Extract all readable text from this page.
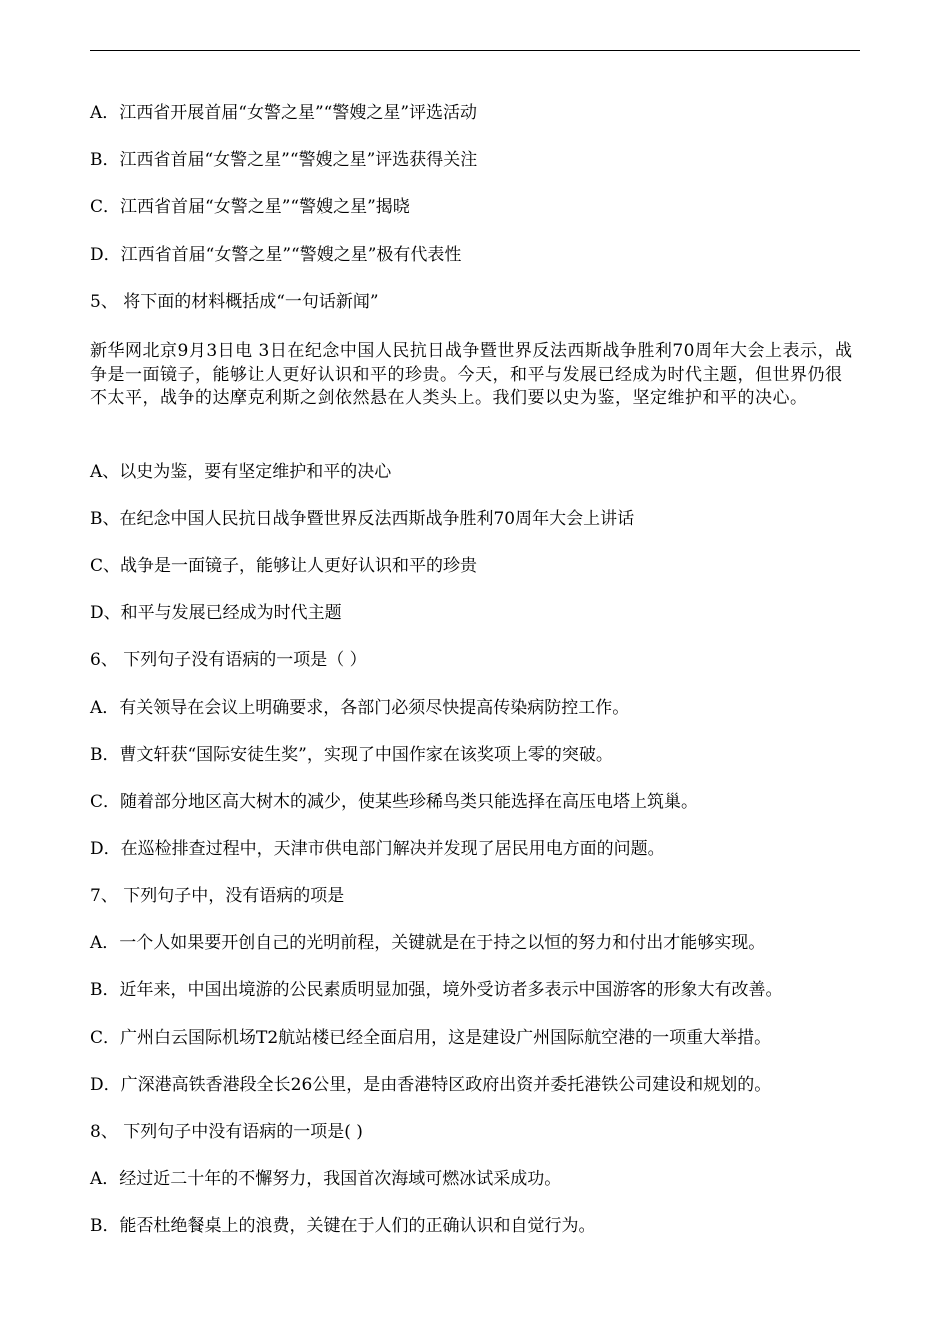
A．江西省开展首届“女警之星”“警嫂之星”评选活动
B．江西省首届“女警之星”“警嫂之星”评选获得关注
C．江西省首届“女警之星”“警嫂之星”揭晓
D．江西省首届“女警之星”“警嫂之星”极有代表性
5、 将下面的材料概括成“一句话新闻”
新华网北京9月3日电 3日在纪念中国人民抗日战争暨世界反法西斯战争胜利70周年大会上表示，战争是一面镜子，能够让人更好认识和平的珍贵。今天，和平与发展已经成为时代主题，但世界仍很不太平，战争的达摩克利斯之剑依然悬在人类头上。我们要以史为鉴，坚定维护和平的决心。
A、以史为鉴，要有坚定维护和平的决心
B、在纪念中国人民抗日战争暨世界反法西斯战争胜利70周年大会上讲话
C、战争是一面镜子，能够让人更好认识和平的珍贵
D、和平与发展已经成为时代主题
6、 下列句子没有语病的一项是（ ）
A．有关领导在会议上明确要求，各部门必须尽快提高传染病防控工作。
B．曹文轩获“国际安徒生奖”，实现了中国作家在该奖项上零的突破。
C．随着部分地区高大树木的减少，使某些珍稀鸟类只能选择在高压电塔上筑巢。
D．在巡检排查过程中，天津市供电部门解决并发现了居民用电方面的问题。
7、 下列句子中，没有语病的项是
A．一个人如果要开创自己的光明前程，关键就是在于持之以恒的努力和付出才能够实现。
B．近年来，中国出境游的公民素质明显加强，境外受访者多表示中国游客的形象大有改善。
C．广州白云国际机场T2航站楼已经全面启用，这是建设广州国际航空港的一项重大举措。
D．广深港高铁香港段全长26公里，是由香港特区政府出资并委托港铁公司建设和规划的。
8、 下列句子中没有语病的一项是( )
A．经过近二十年的不懈努力，我国首次海域可燃冰试采成功。
B．能否杜绝餐桌上的浪费，关键在于人们的正确认识和自觉行为。
